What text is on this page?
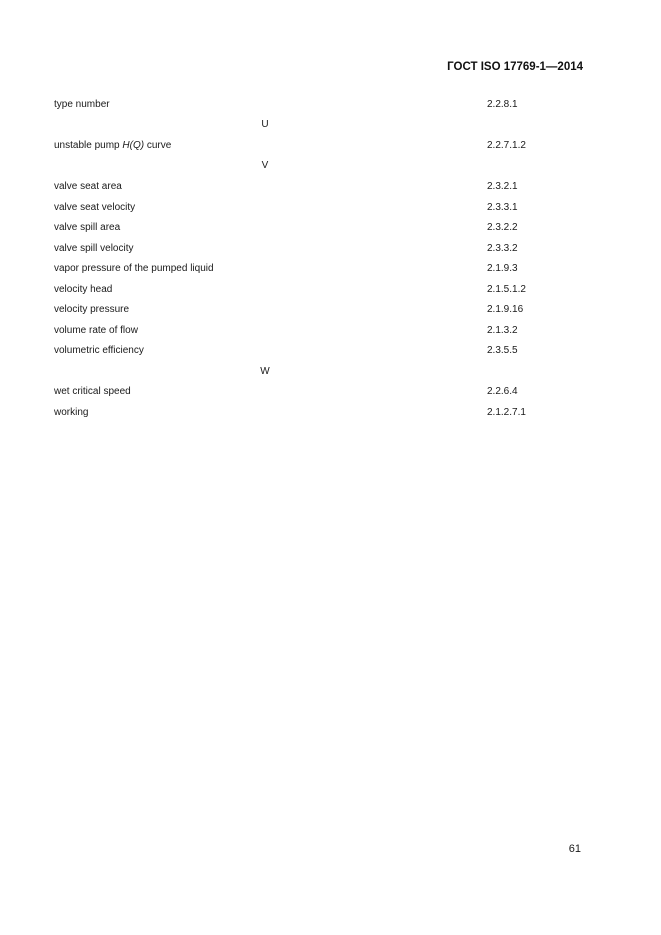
ГОСТ ISO 17769-1—2014
type number	2.2.8.1
U
unstable pump H(Q) curve	2.2.7.1.2
V
valve seat area	2.3.2.1
valve seat velocity	2.3.3.1
valve spill area	2.3.2.2
valve spill velocity	2.3.3.2
vapor pressure of the pumped liquid	2.1.9.3
velocity head	2.1.5.1.2
velocity pressure	2.1.9.16
volume rate of flow	2.1.3.2
volumetric efficiency	2.3.5.5
W
wet critical speed	2.2.6.4
working	2.1.2.7.1
61
